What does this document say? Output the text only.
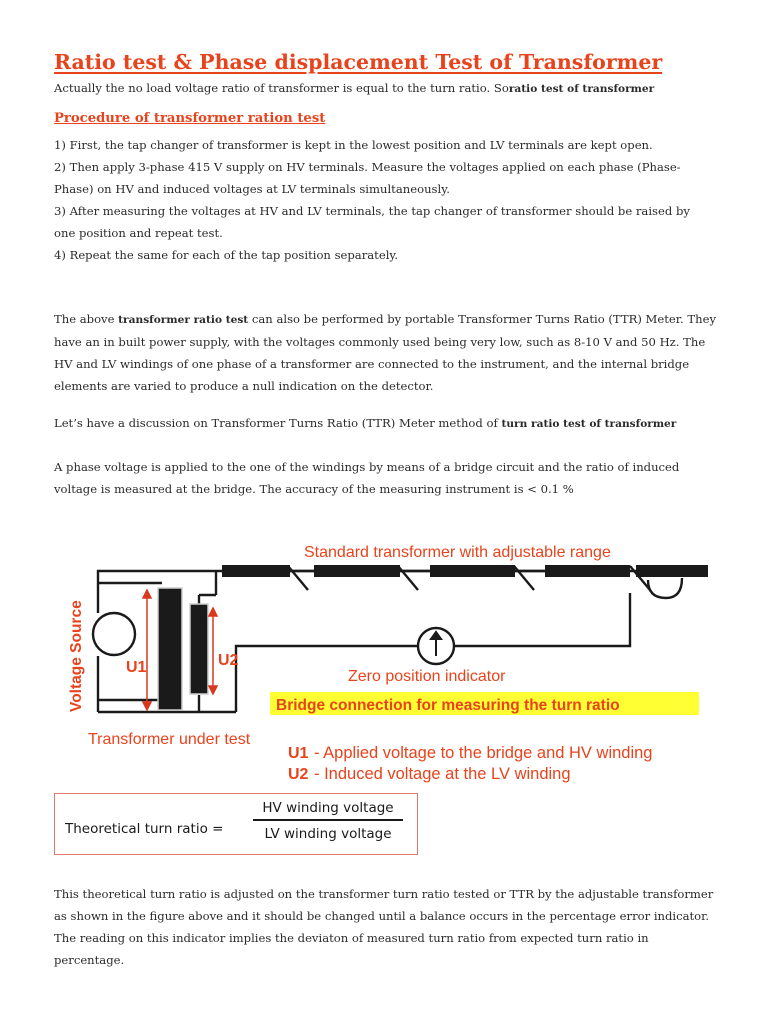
Ratio test & Phase displacement Test of Transformer
Actually the no load voltage ratio of transformer is equal to the turn ratio. Soratio test of transformer
Procedure of transformer ration test

1) First, the tap changer of transformer is kept in the lowest position and LV terminals are kept open.

2) Then apply 3-phase 415 V supply on HV terminals. Measure the voltages applied on each phase (Phase-Phase) on HV and induced voltages at LV terminals simultaneously.

3) After measuring the voltages at HV and LV terminals, the tap changer of transformer should be raised by one position and repeat test.

4) Repeat the same for each of the tap position separately.

The above transformer ratio test can also be performed by portable Transformer Turns Ratio (TTR) Meter. They have an in built power supply, with the voltages commonly used being very low, such as 8-10 V and 50 Hz. The HV and LV windings of one phase of a transformer are connected to the instrument, and the internal bridge elements are varied to produce a null indication on the detector.

Let’s have a discussion on Transformer Turns Ratio (TTR) Meter method of turn ratio test of transformer

A phase voltage is applied to the one of the windings by means of a bridge circuit and the ratio of induced voltage is measured at the bridge. The accuracy of the measuring instrument is < 0.1 %

Standard transformer with adjustable range
Voltage Source	U1	U2
Zero position indicator
Bridge connection for measuring the turn ratio
Transformer under test
U1 - Applied voltage to the bridge and HV winding
U2 - Induced voltage at the LV winding
Theoretical turn ratio =
HV winding voltage
LV winding voltage

This theoretical turn ratio is adjusted on the transformer turn ratio tested or TTR by the adjustable transformer as shown in the figure above and it should be changed until a balance occurs in the percentage error indicator. The reading on this indicator implies the deviaton of measured turn ratio from expected turn ratio in percentage.
